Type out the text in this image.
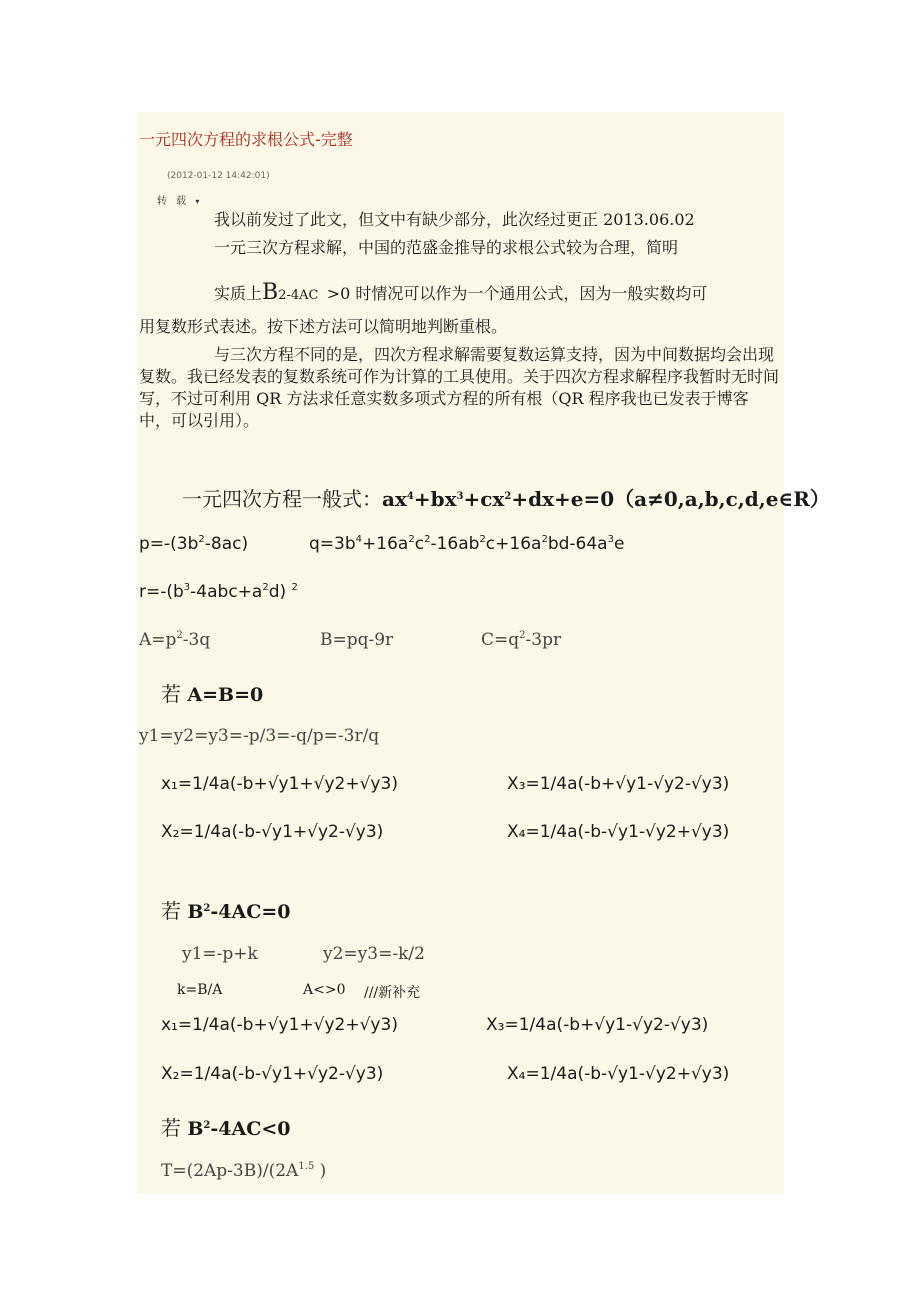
一元四次方程的求根公式-完整
(2012-01-12 14:42:01)
转 载 ▾
我以前发过了此文，但文中有缺少部分，此次经过更正 2013.06.02
一元三次方程求解，中国的范盛金推导的求根公式较为合理，简明
实质上B2-4AC >0 时情况可以作为一个通用公式，因为一般实数均可
用复数形式表述。按下述方法可以简明地判断重根。
与三次方程不同的是，四次方程求解需要复数运算支持，因为中间数据均会出现复数。我已经发表的复数系统可作为计算的工具使用。关于四次方程求解程序我暂时无时间写，不过可利用 QR 方法求任意实数多项式方程的所有根（QR 程序我也已发表于博客中，可以引用）。
一元四次方程一般式：$ax^4+bx^3+cx^2+dx+e=0(a\ne 0,a,b,c,d,e\in R)$
$p=-(3b^2-8ac)$	$q=3b^4+16a^2c^2-16ab^2c+16a^2bd-64a^3e$
$r=-(b^3-4abc+a^2d)$ $^2$
$A=p^2-3q$	B=pq-9r	$C=q^2-3pr$
若 A=B=0
y1=y2=y3=-p/3=-q/p=-3r/q
x₁=1/4a(-b+√y1+√y2+√y3)	X₃=1/4a(-b+√y1-√y2-√y3)
X₂=1/4a(-b-√y1+√y2-√y3)	X₄=1/4a(-b-√y1-√y2+√y3)
若 $B^2-4AC=0$
y1=-p+k	y2=y3=-k/2
k=B/A	A<>0 ///新补充
x₁=1/4a(-b+√y1+√y2+√y3)	X₃=1/4a(-b+√y1-√y2-√y3)
X₂=1/4a(-b-√y1+√y2-√y3)	X₄=1/4a(-b-√y1-√y2+√y3)
若 $B^2-4AC<0$
$T=(2Ap-3B)/(2A^{1.5}$ )
